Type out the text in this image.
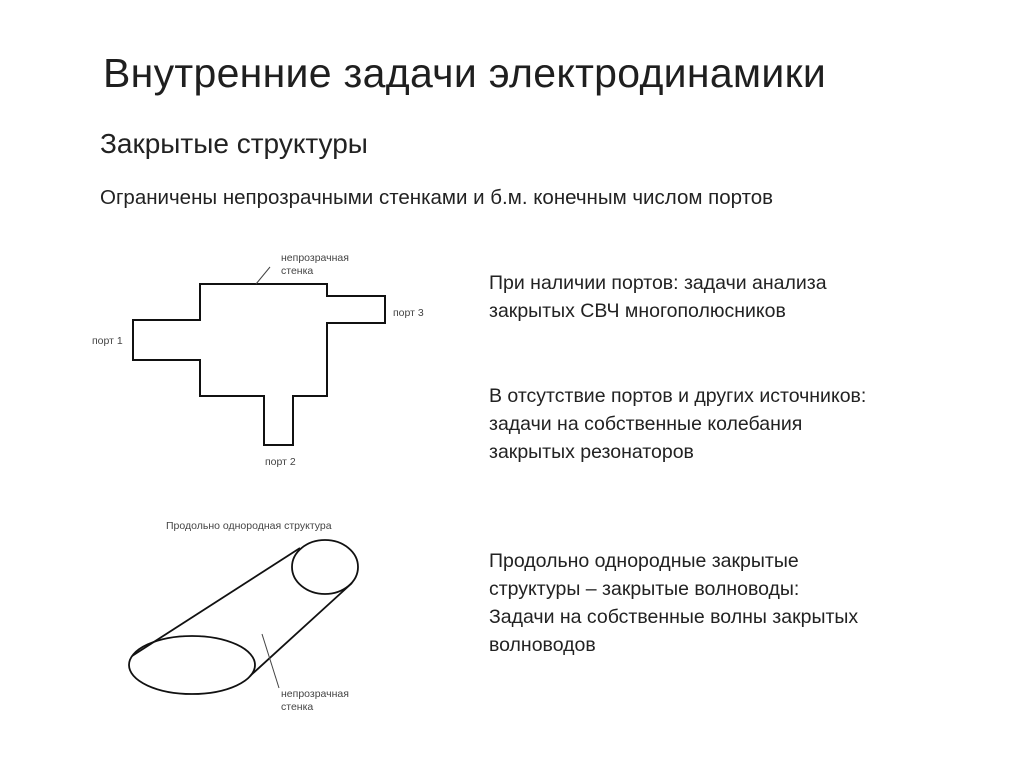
Внутренние задачи электродинамики
Закрытые структуры
Ограничены непрозрачными стенками и б.м. конечным числом портов
непрозрачная
стенка
порт 1
порт 2
порт 3
Продольно однородная структура
непрозрачная
стенка
При наличии портов: задачи анализа
закрытых СВЧ многополюсников
В отсутствие портов и других источников:
задачи на собственные колебания
закрытых резонаторов
Продольно однородные закрытые
структуры – закрытые волноводы:
Задачи на собственные волны закрытых
волноводов
